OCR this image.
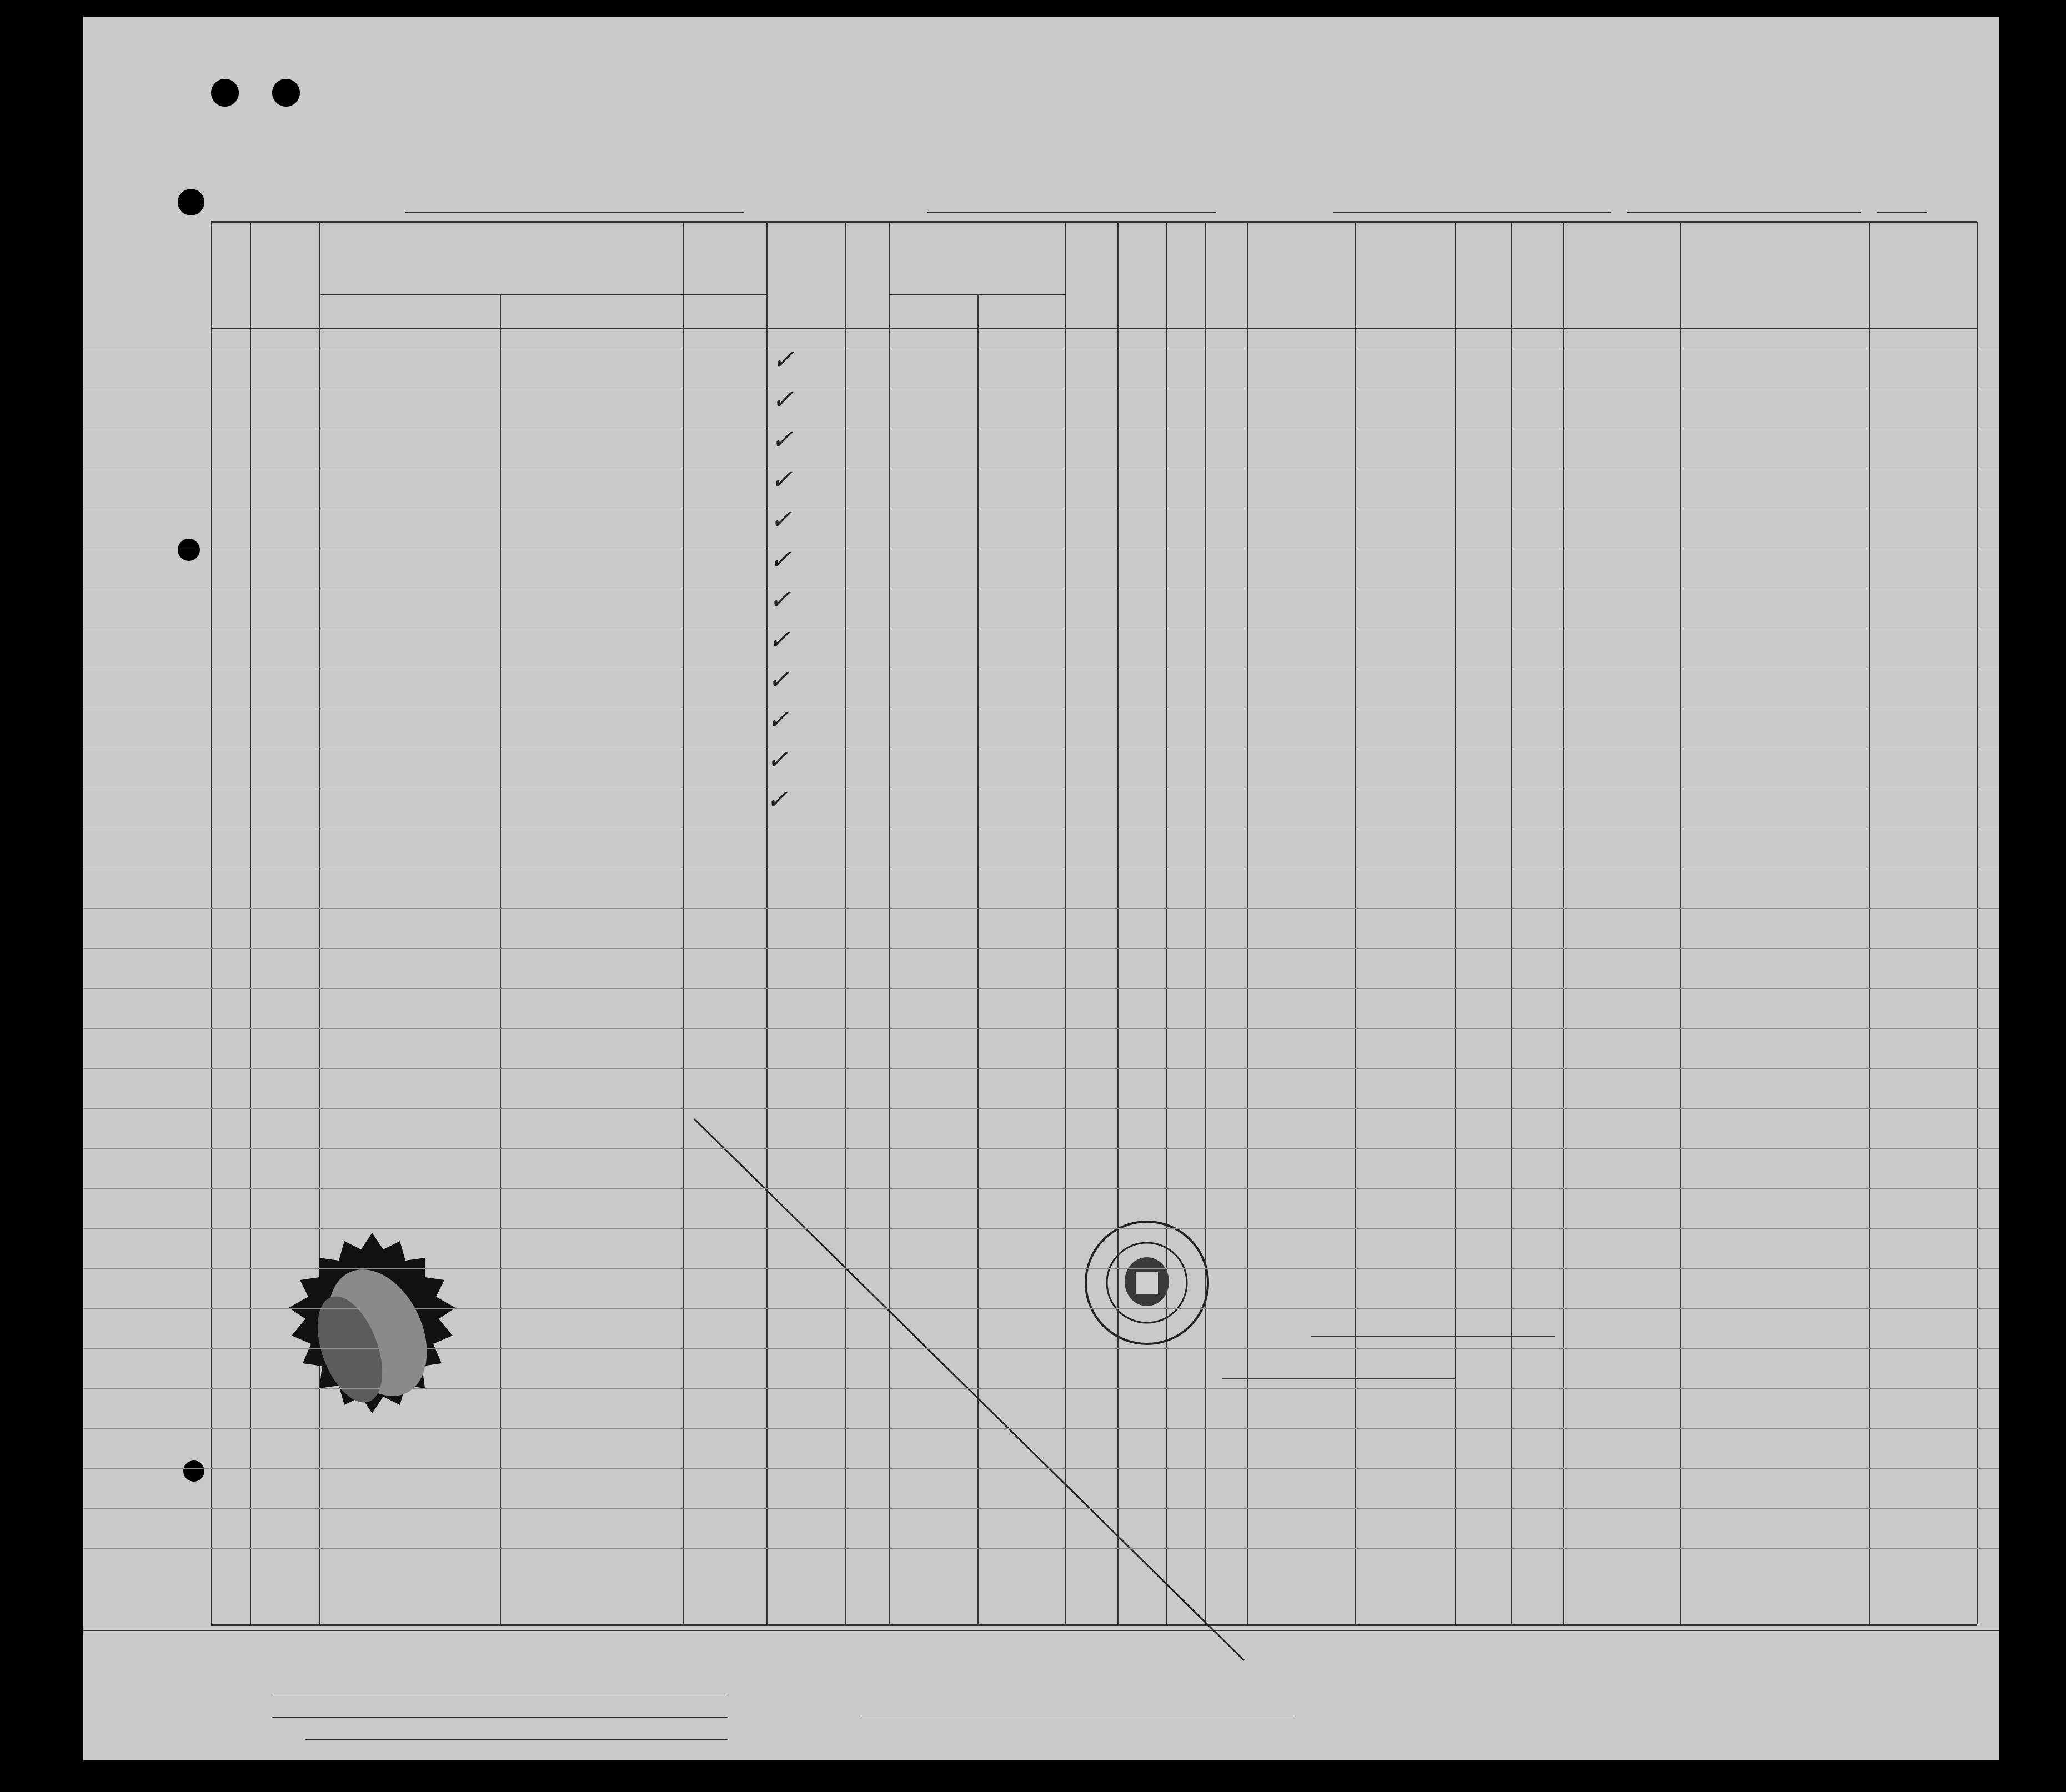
✓
✓
✓
✓
✓
✓
✓
✓
✓
✓
✓
✓
